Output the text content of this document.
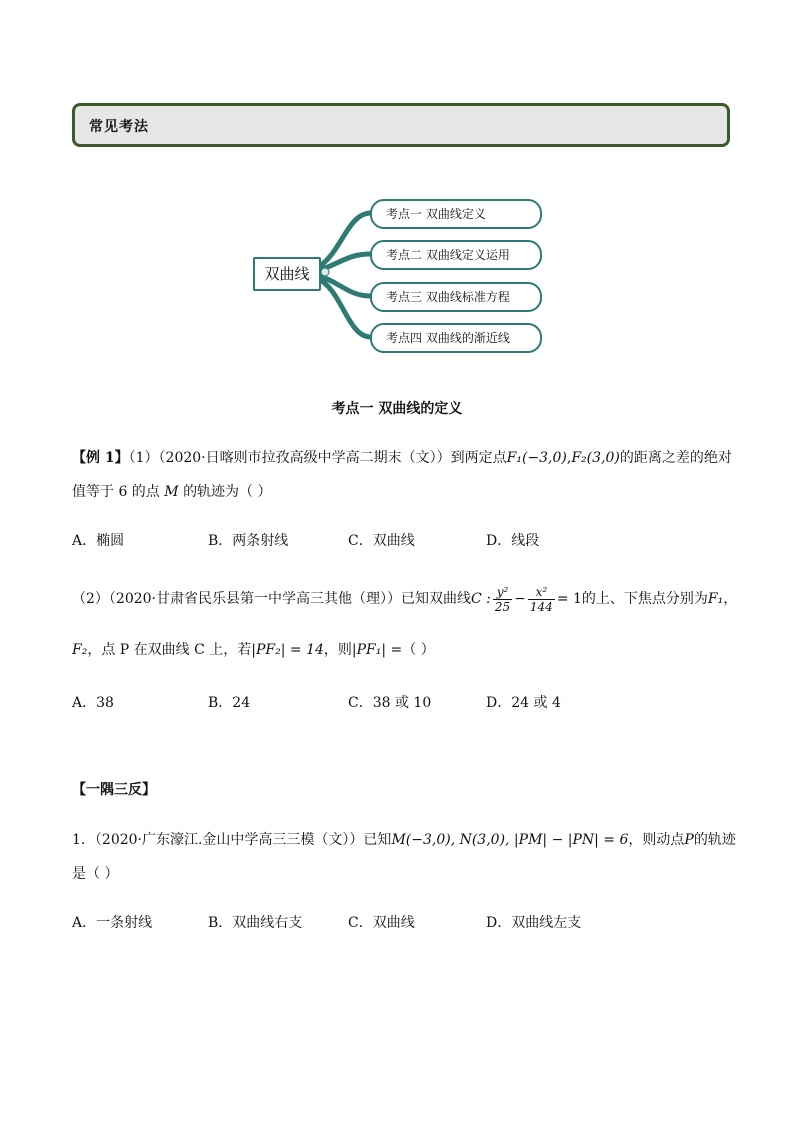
常见考法
双曲线
考点一 双曲线定义
考点二 双曲线定义运用
考点三 双曲线标准方程
考点四 双曲线的渐近线
考点一 双曲线的定义
【例 1】（1）（2020·日喀则市拉孜高级中学高二期末（文））到两定点F₁(−3,0),F₂(3,0)的距离之差的绝对
值等于 6 的点 M 的轨迹为（ ）
A．椭圆	B．两条射线	C．双曲线	D．线段
（2）（2020·甘肃省民乐县第一中学高三其他（理））已知双曲线C : $\frac{\text{y²}}{25} - \frac{\text{x²}}{144} = 1$的上、下焦点分别为F₁，
F₂，点 P 在双曲线 C 上，若|PF₂| = 14，则|PF₁| =（ ）
A．38	B．24	C．38 或 10	D．24 或 4
【一隅三反】
1．（2020·广东濠江.金山中学高三三模（文））已知M(−3,0), N(3,0), |PM| − |PN| = 6，则动点P的轨迹
是（ ）
A．一条射线	B．双曲线右支	C．双曲线	D．双曲线左支
